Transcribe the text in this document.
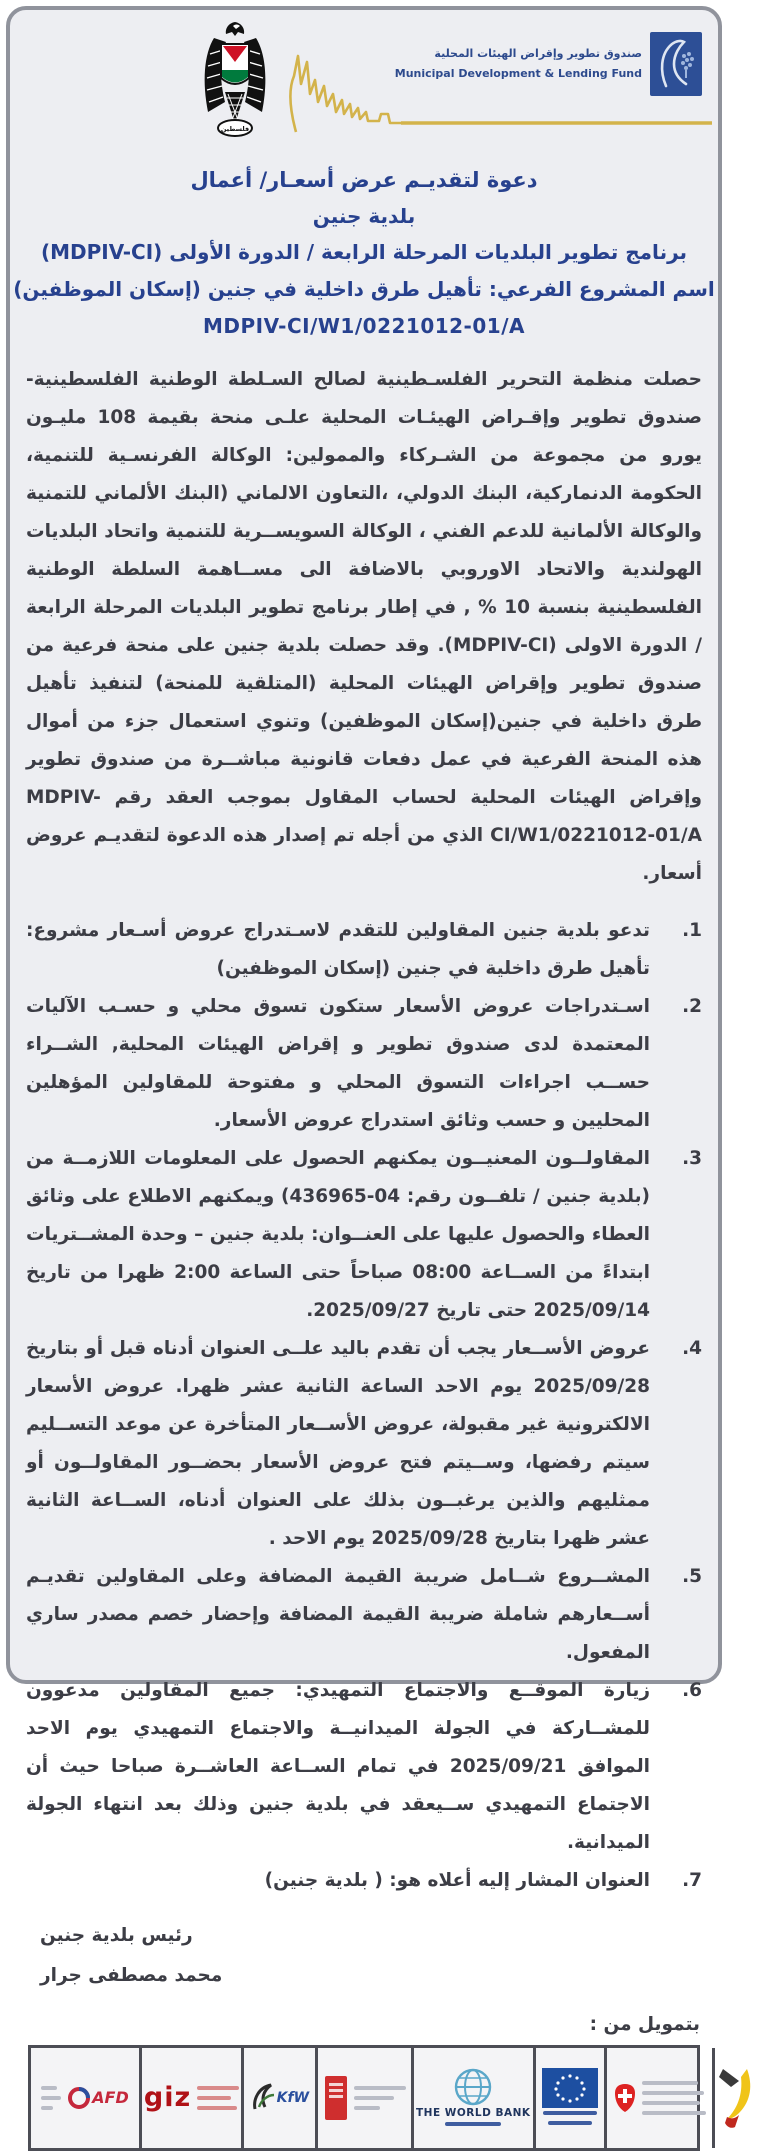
فلسطين
صندوق تطوير وإقراض الهيئات المحلية
Municipal Development & Lending Fund
دعوة لتقديـم عرض أسعـار/ أعمال
بلدية جنين
برنامج تطوير البلديات المرحلة الرابعة / الدورة الأولى (MDPIV-CI)
اسم المشروع الفرعي: تأهيل طرق داخلية في جنين (إسكان الموظفين)
MDPIV-CI/W1/0221012-01/A

حصلت منظمة التحرير الفلسـطينية لصالح السـلطة الوطنية الفلسطينية- صندوق تطوير وإقـراض الهيئـات المحلية علـى منحة بقيمة 108 مليـون يورو من مجموعة من الشـركاء والممولين: الوكالة الفرنسـية للتنمية، الحكومة الدنماركية، البنك الدولي، ،التعاون الالماني (البنك الألماني للتمنية والوكالة الألمانية للدعم الفني ، الوكالة السويســرية للتنمية واتحاد البلديات الهولندية والاتحاد الاوروبي بالاضافة الى مســاهمة السلطة الوطنية الفلسطينية بنسبة 10 % , في إطار برنامج تطوير البلديات المرحلة الرابعة / الدورة الاولى (MDPIV-CI). وقد حصلت بلدية جنين على منحة فرعية من صندوق تطوير وإقراض الهيئات المحلية (المتلقية للمنحة) لتنفيذ تأهيل طرق داخلية في جنين(إسكان الموظفين) وتنوي استعمال جزء من أموال هذه المنحة الفرعية في عمل دفعات قانونية مباشــرة من صندوق تطوير وإقراض الهيئات المحلية لحساب المقاول بموجب العقد رقم MDPIV-CI/W1/0221012-01/A الذي من أجله تم إصدار هذه الدعوة لتقديـم عروض أسعار.

1.
تدعو بلدية جنين المقاولين للتقدم لاسـتدراج عروض أسـعار مشروع: تأهيل طرق داخلية في جنين (إسكان الموظفين)
2.
اسـتدراجات عروض الأسعار ستكون تسوق محلي و حسـب الآليات المعتمدة لدى صندوق تطوير و إقراض الهيئات المحلية, الشــراء حســب اجراءات التسوق المحلي و مفتوحة للمقاولين المؤهلين المحليين و حسب وثائق استدراج عروض الأسعار.
3.
المقاولــون المعنيــون يمكنهم الحصول على المعلومات اللازمــة من (بلدية جنين / تلفــون رقم: 04-436965) ويمكنهم الاطلاع على وثائق العطاء والحصول عليها على العنــوان: بلدية جنين – وحدة المشــتريات ابتداءً من الســاعة 08:00 صباحاً حتى الساعة 2:00 ظهرا من تاريخ 2025/09/14 حتى تاريخ 2025/09/27.
4.
عروض الأســعار يجب أن تقدم باليد علــى العنوان أدناه قبل أو بتاريخ 2025/09/28 يوم الاحد الساعة الثانية عشر ظهرا. عروض الأسعار الالكترونية غير مقبولة، عروض الأســعار المتأخرة عن موعد التســليم سيتم رفضها، وســيتم فتح عروض الأسعار بحضــور المقاولــون أو ممثليهم والذين يرغبــون بذلك على العنوان أدناه، الســاعة الثانية عشر ظهرا بتاريخ 2025/09/28 يوم الاحد .
5.
المشــروع شــامل ضريبة القيمة المضافة وعلى المقاولين تقديـم أســعارهم شاملة ضريبة القيمة المضافة وإحضار خصم مصدر ساري المفعول.
6.
زيارة الموقــع والاجتماع التمهيدي: جميع المقاولين مدعوون للمشــاركة في الجولة الميدانيــة والاجتماع التمهيدي يوم الاحد الموافق 2025/09/21 في تمام الســاعة العاشــرة صباحا حيث أن الاجتماع التمهيدي ســيعقد في بلدية جنين وذلك بعد انتهاء الجولة الميدانية.
7.
العنوان المشار إليه أعلاه هو: ( بلدية جنين)
رئيس بلدية جنين
محمد مصطفى جرار
بتمويل من :
AFD giz	KfW
THE WORLD BANK
